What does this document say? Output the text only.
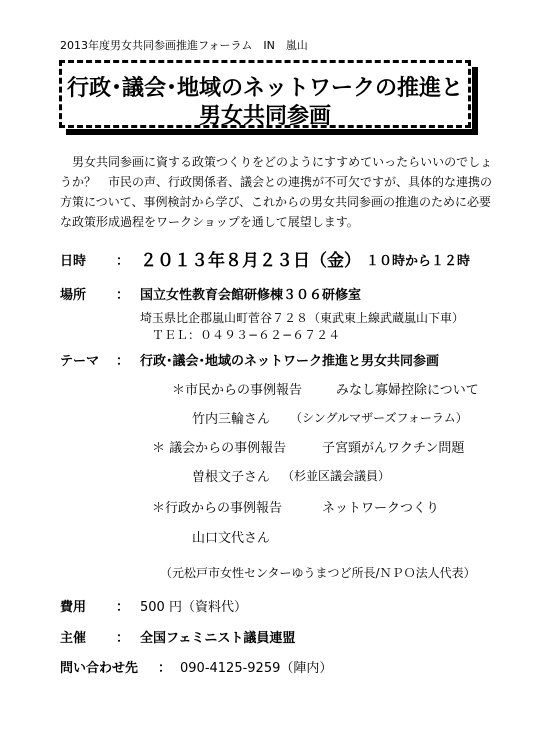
2013年度男女共同参画推進フォーラム　IN　嵐山
行政･議会･地域のネットワークの推進と
男女共同参画

男女共同参画に資する政策つくりをどのようにすすめていったらいいのでしょうか？　市民の声、行政関係者、議会との連携が不可欠ですが、具体的な連携の方策について、事例検討から学び、これからの男女共同参画の推進のために必要な政策形成過程をワークショップを通して展望します。

日時 ： ２０１３年８月２３日（金） １０時から１２時
場所 ： 国立女性教育会館研修棟３０６研修室
埼玉県比企郡嵐山町菅谷７２８（東武東上線武蔵嵐山下車）
ＴＥＬ：０４９３−６２−６７２４
テーマ ： 行政･議会･地域のネットワーク推進と男女共同参画
＊市民からの事例報告	みなし寡婦控除について
竹内三輪さん （シングルマザーズフォーラム）
＊ 議会からの事例報告	子宮頸がんワクチン問題
曽根文子さん （杉並区議会議員）
＊行政からの事例報告	ネットワークつくり
山口文代さん
（元松戸市女性センターゆうまつど所長/ＮＰＯ法人代表）
費用 ： 500 円（資料代）
主催 ： 全国フェミニスト議員連盟
問い合わせ先 ： 090-4125-9259（陣内）
